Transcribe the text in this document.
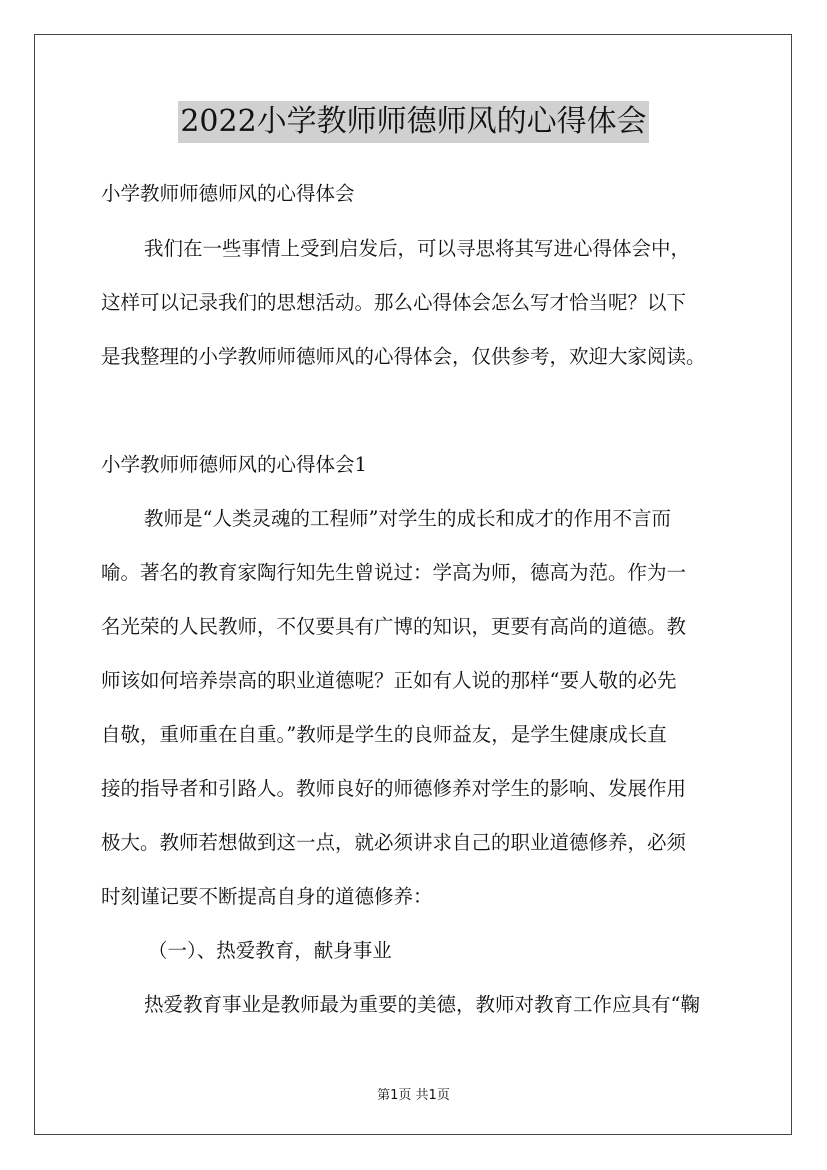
2022小学教师师德师风的心得体会
小学教师师德师风的心得体会
我们在一些事情上受到启发后，可以寻思将其写进心得体会中，
这样可以记录我们的思想活动。那么心得体会怎么写才恰当呢？以下
是我整理的小学教师师德师风的心得体会，仅供参考，欢迎大家阅读。
小学教师师德师风的心得体会1
教师是“人类灵魂的工程师”对学生的成长和成才的作用不言而
喻。著名的教育家陶行知先生曾说过：学高为师，德高为范。作为一
名光荣的人民教师，不仅要具有广博的知识，更要有高尚的道德。教
师该如何培养崇高的职业道德呢？正如有人说的那样“要人敬的必先
自敬，重师重在自重。”教师是学生的良师益友，是学生健康成长直
接的指导者和引路人。教师良好的师德修养对学生的影响、发展作用
极大。教师若想做到这一点，就必须讲求自己的职业道德修养，必须
时刻谨记要不断提高自身的道德修养：
（一）、热爱教育，献身事业
热爱教育事业是教师最为重要的美德，教师对教育工作应具有“鞠
第1页 共1页
